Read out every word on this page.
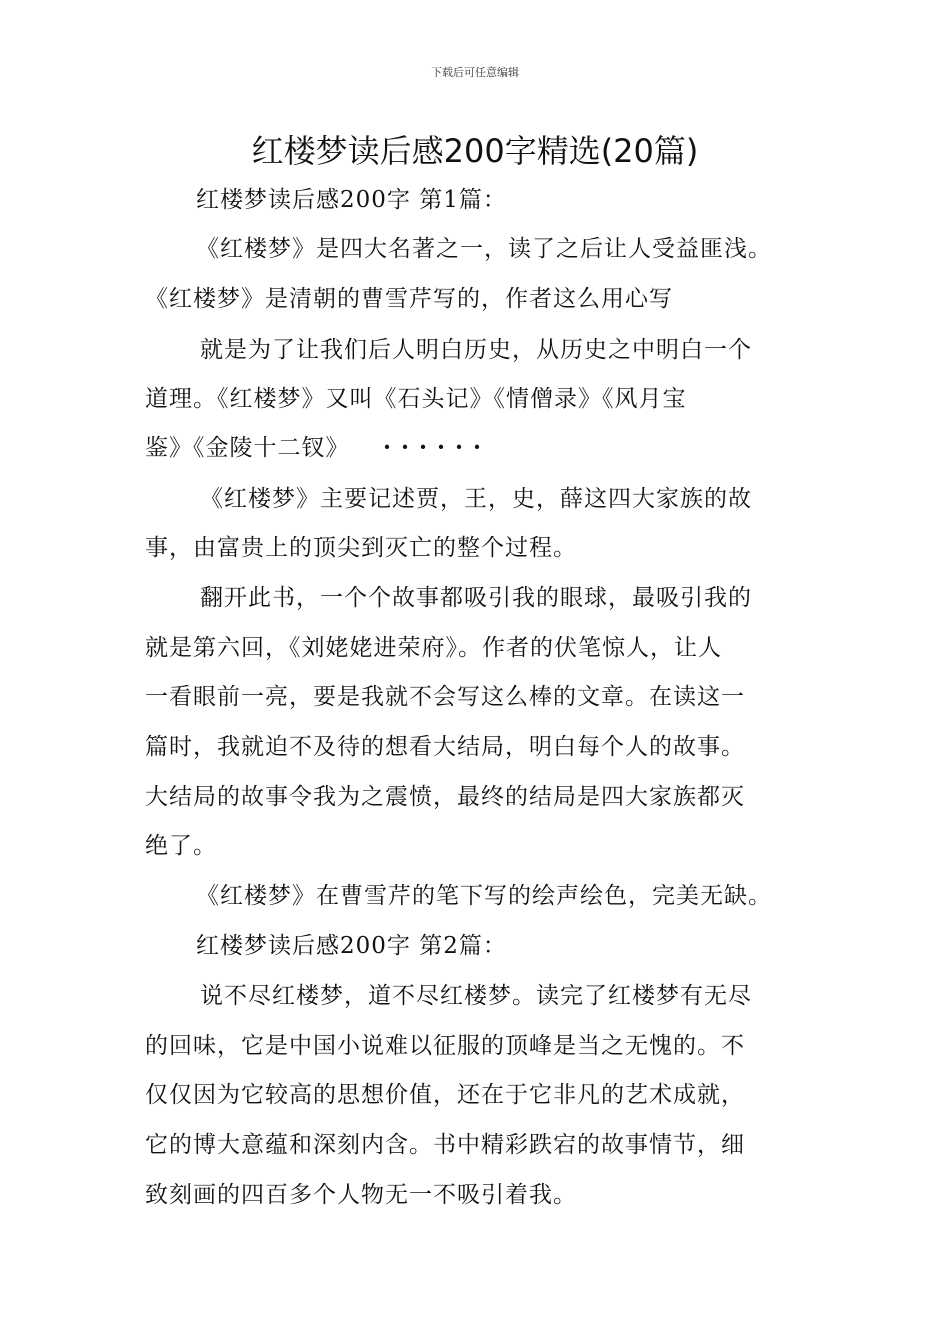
下载后可任意编辑
红楼梦读后感200字精选(20篇)
红楼梦读后感200字 第1篇：
《红楼梦》是四大名著之一，读了之后让人受益匪浅。
《红楼梦》是清朝的曹雪芹写的，作者这么用心写
就是为了让我们后人明白历史，从历史之中明白一个
道理。《红楼梦》又叫《石头记》《情僧录》《风月宝
鉴》《金陵十二钗》 ······
《红楼梦》主要记述贾，王，史，薛这四大家族的故
事，由富贵上的顶尖到灭亡的整个过程。
翻开此书，一个个故事都吸引我的眼球，最吸引我的
就是第六回，《刘姥姥进荣府》。作者的伏笔惊人，让人
一看眼前一亮，要是我就不会写这么棒的文章。在读这一
篇时，我就迫不及待的想看大结局，明白每个人的故事。
大结局的故事令我为之震愤，最终的结局是四大家族都灭
绝了。
《红楼梦》在曹雪芹的笔下写的绘声绘色，完美无缺。
红楼梦读后感200字 第2篇：
说不尽红楼梦，道不尽红楼梦。读完了红楼梦有无尽
的回味，它是中国小说难以征服的顶峰是当之无愧的。不
仅仅因为它较高的思想价值，还在于它非凡的艺术成就，
它的博大意蕴和深刻内含。书中精彩跌宕的故事情节，细
致刻画的四百多个人物无一不吸引着我。
